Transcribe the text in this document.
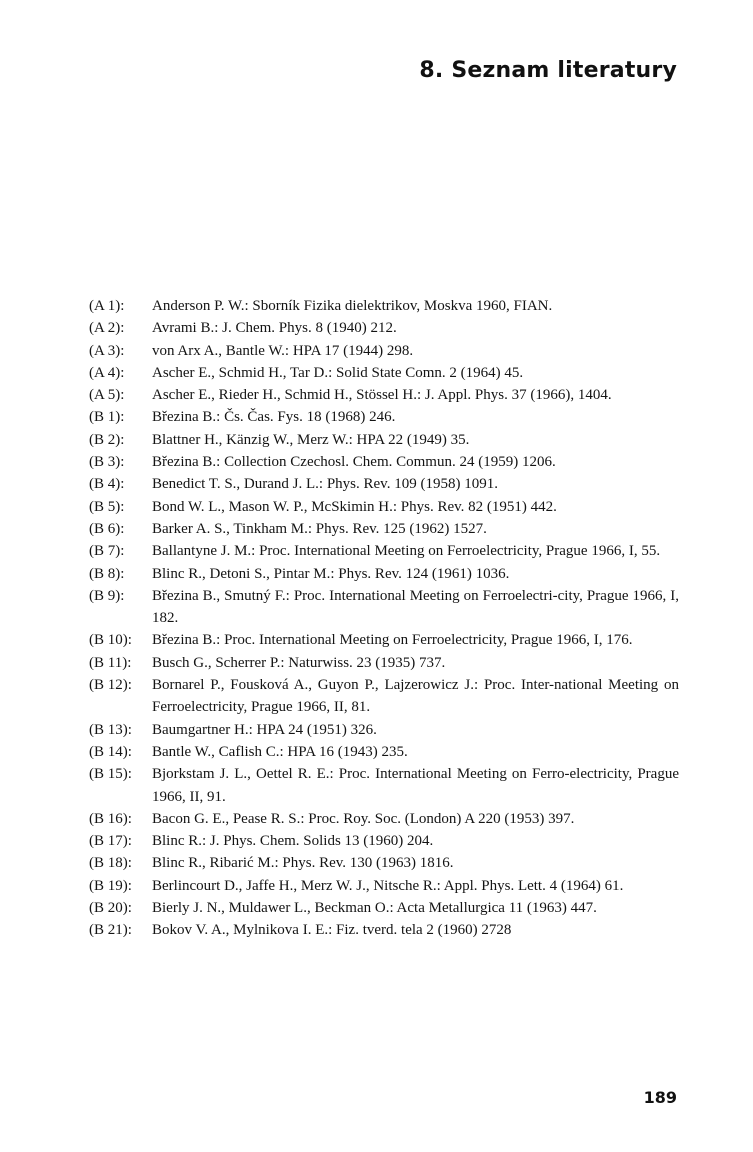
8. Seznam literatury
(A 1):	Anderson P. W.: Sborník Fizika dielektrikov, Moskva 1960, FIAN.
(A 2):	Avrami B.: J. Chem. Phys. 8 (1940) 212.
(A 3):	von Arx A., Bantle W.: HPA 17 (1944) 298.
(A 4):	Ascher E., Schmid H., Tar D.: Solid State Comn. 2 (1964) 45.
(A 5):	Ascher E., Rieder H., Schmid H., Stössel H.: J. Appl. Phys. 37 (1966), 1404.
(B 1):	Březina B.: Čs. Čas. Fys. 18 (1968) 246.
(B 2):	Blattner H., Känzig W., Merz W.: HPA 22 (1949) 35.
(B 3):	Březina B.: Collection Czechosl. Chem. Commun. 24 (1959) 1206.
(B 4):	Benedict T. S., Durand J. L.: Phys. Rev. 109 (1958) 1091.
(B 5):	Bond W. L., Mason W. P., McSkimin H.: Phys. Rev. 82 (1951) 442.
(B 6):	Barker A. S., Tinkham M.: Phys. Rev. 125 (1962) 1527.
(B 7):	Ballantyne J. M.: Proc. International Meeting on Ferroelectricity, Prague 1966, I, 55.
(B 8):	Blinc R., Detoni S., Pintar M.: Phys. Rev. 124 (1961) 1036.
(B 9):	Březina B., Smutný F.: Proc. International Meeting on Ferroelectri-city, Prague 1966, I, 182.
(B 10):	Březina B.: Proc. International Meeting on Ferroelectricity, Prague 1966, I, 176.
(B 11):	Busch G., Scherrer P.: Naturwiss. 23 (1935) 737.
(B 12):	Bornarel P., Fousková A., Guyon P., Lajzerowicz J.: Proc. Inter-national Meeting on Ferroelectricity, Prague 1966, II, 81.
(B 13):	Baumgartner H.: HPA 24 (1951) 326.
(B 14):	Bantle W., Caflish C.: HPA 16 (1943) 235.
(B 15):	Bjorkstam J. L., Oettel R. E.: Proc. International Meeting on Ferro-electricity, Prague 1966, II, 91.
(B 16):	Bacon G. E., Pease R. S.: Proc. Roy. Soc. (London) A 220 (1953) 397.
(B 17):	Blinc R.: J. Phys. Chem. Solids 13 (1960) 204.
(B 18):	Blinc R., Ribarić M.: Phys. Rev. 130 (1963) 1816.
(B 19):	Berlincourt D., Jaffe H., Merz W. J., Nitsche R.: Appl. Phys. Lett. 4 (1964) 61.
(B 20):	Bierly J. N., Muldawer L., Beckman O.: Acta Metallurgica 11 (1963) 447.
(B 21):	Bokov V. A., Mylnikova I. E.: Fiz. tverd. tela 2 (1960) 2728
189
